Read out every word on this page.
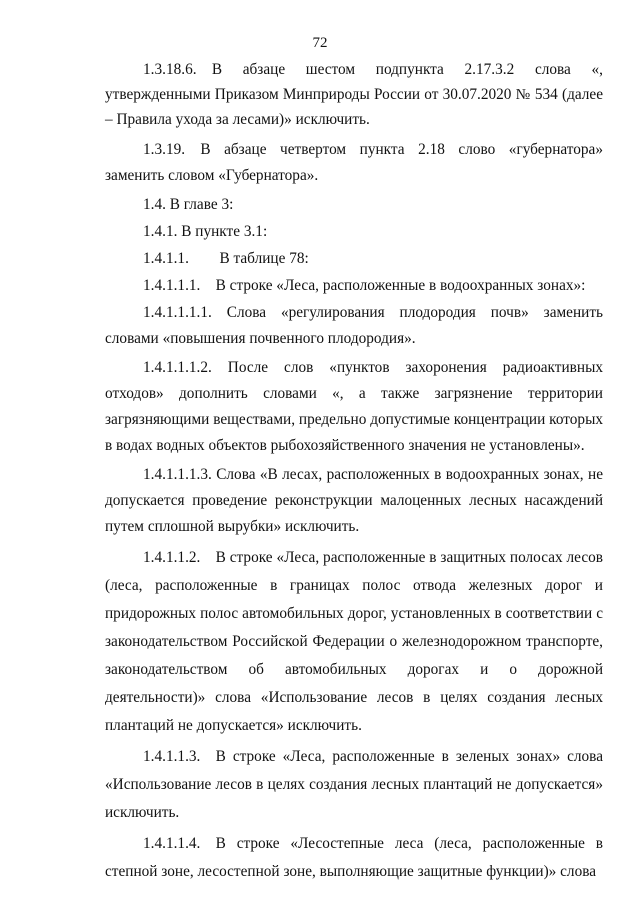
72

1.3.18.6. В абзаце шестом подпункта 2.17.3.2 слова «, утвержденными Приказом Минприроды России от 30.07.2020 № 534 (далее – Правила ухода за лесами)» исключить.

1.3.19. В абзаце четвертом пункта 2.18 слово «губернатора» заменить словом «Губернатора».

1.4. В главе 3:

1.4.1. В пункте 3.1:

1.4.1.1.  В таблице 78:

1.4.1.1.1. В строке «Леса, расположенные в водоохранных зонах»:

1.4.1.1.1.1. Слова «регулирования плодородия почв» заменить словами «повышения почвенного плодородия».

1.4.1.1.1.2. После слов «пунктов захоронения радиоактивных отходов» дополнить словами «, а также загрязнение территории загрязняющими веществами, предельно допустимые концентрации которых в водах водных объектов рыбохозяйственного значения не установлены».

1.4.1.1.1.3. Слова «В лесах, расположенных в водоохранных зонах, не допускается проведение реконструкции малоценных лесных насаждений путем сплошной вырубки» исключить.

1.4.1.1.2. В строке «Леса, расположенные в защитных полосах лесов (леса, расположенные в границах полос отвода железных дорог и придорожных полос автомобильных дорог, установленных в соответствии с законодательством Российской Федерации о железнодорожном транспорте, законодательством об автомобильных дорогах и о дорожной деятельности)» слова «Использование лесов в целях создания лесных плантаций не допускается» исключить.

1.4.1.1.3. В строке «Леса, расположенные в зеленых зонах» слова «Использование лесов в целях создания лесных плантаций не допускается» исключить.

1.4.1.1.4. В строке «Лесостепные леса (леса, расположенные в степной зоне, лесостепной зоне, выполняющие защитные функции)» слова
